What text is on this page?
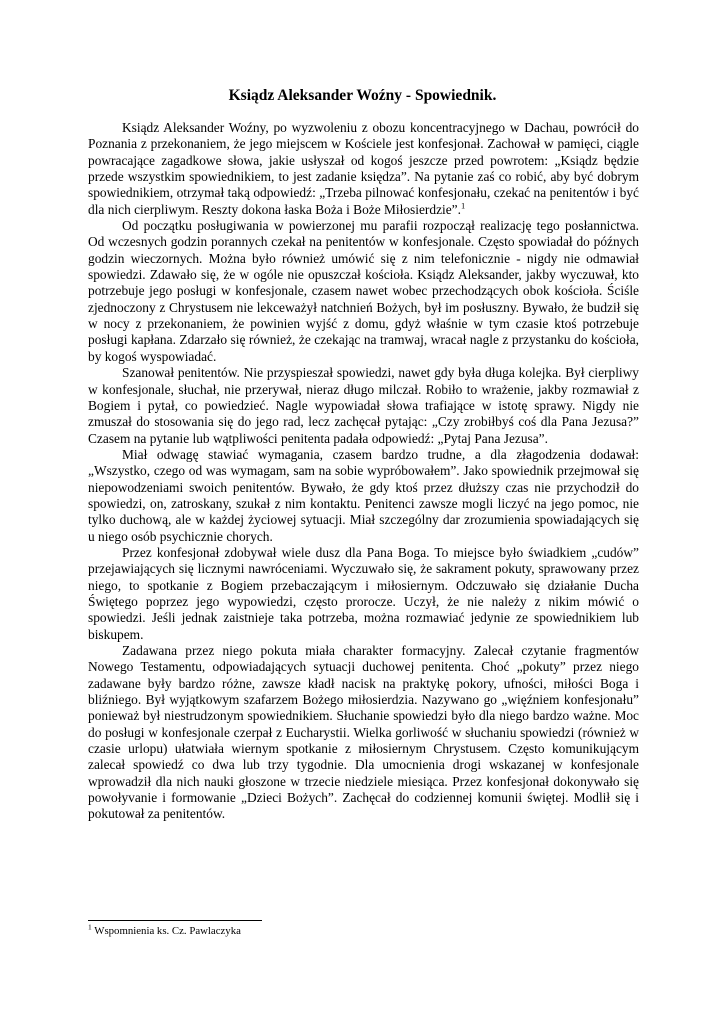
Ksiądz Aleksander Woźny - Spowiednik.

Ksiądz Aleksander Woźny, po wyzwoleniu z obozu koncentracyjnego w Dachau, powrócił do Poznania z przekonaniem, że jego miejscem w Kościele jest konfesjonał. Zachował w pamięci, ciągle powracające zagadkowe słowa, jakie usłyszał od kogoś jeszcze przed powrotem: „Ksiądz będzie przede wszystkim spowiednikiem, to jest zadanie księdza”. Na pytanie zaś co robić, aby być dobrym spowiednikiem, otrzymał taką odpowiedź: „Trzeba pilnować konfesjonału, czekać na penitentów i być dla nich cierpliwym. Reszty dokona łaska Boża i Boże Miłosierdzie”.$^1$

Od początku posługiwania w powierzonej mu parafii rozpoczął realizację tego posłannictwa. Od wczesnych godzin porannych czekał na penitentów w konfesjonale. Często spowiadał do późnych godzin wieczornych. Można było również umówić się z nim telefonicznie - nigdy nie odmawiał spowiedzi. Zdawało się, że w ogóle nie opuszczał kościoła. Ksiądz Aleksander, jakby wyczuwał, kto potrzebuje jego posługi w konfesjonale, czasem nawet wobec przechodzących obok kościoła. Ściśle zjednoczony z Chrystusem nie lekceważył natchnień Bożych, był im posłuszny. Bywało, że budził się w nocy z przekonaniem, że powinien wyjść z domu, gdyż właśnie w tym czasie ktoś potrzebuje posługi kapłana. Zdarzało się również, że czekając na tramwaj, wracał nagle z przystanku do kościoła, by kogoś wyspowiadać.

Szanował penitentów. Nie przyspieszał spowiedzi, nawet gdy była długa kolejka. Był cierpliwy w konfesjonale, słuchał, nie przerywał, nieraz długo milczał. Robiło to wrażenie, jakby rozmawiał z Bogiem i pytał, co powiedzieć. Nagle wypowiadał słowa trafiające w istotę sprawy. Nigdy nie zmuszał do stosowania się do jego rad, lecz zachęcał pytając: „Czy zrobiłbyś coś dla Pana Jezusa?” Czasem na pytanie lub wątpliwości penitenta padała odpowiedź: „Pytaj Pana Jezusa”.

Miał odwagę stawiać wymagania, czasem bardzo trudne, a dla złagodzenia dodawał: „Wszystko, czego od was wymagam, sam na sobie wypróbowałem”. Jako spowiednik przejmował się niepowodzeniami swoich penitentów. Bywało, że gdy ktoś przez dłuższy czas nie przychodził do spowiedzi, on, zatroskany, szukał z nim kontaktu. Penitenci zawsze mogli liczyć na jego pomoc, nie tylko duchową, ale w każdej życiowej sytuacji. Miał szczególny dar zrozumienia spowiadających się u niego osób psychicznie chorych.

Przez konfesjonał zdobywał wiele dusz dla Pana Boga. To miejsce było świadkiem „cudów” przejawiających się licznymi nawróceniami. Wyczuwało się, że sakrament pokuty, sprawowany przez niego, to spotkanie z Bogiem przebaczającym i miłosiernym. Odczuwało się działanie Ducha Świętego poprzez jego wypowiedzi, często prorocze. Uczył, że nie należy z nikim mówić o spowiedzi. Jeśli jednak zaistnieje taka potrzeba, można rozmawiać jedynie ze spowiednikiem lub biskupem.

Zadawana przez niego pokuta miała charakter formacyjny. Zalecał czytanie fragmentów Nowego Testamentu, odpowiadających sytuacji duchowej penitenta. Choć „pokuty” przez niego zadawane były bardzo różne, zawsze kładł nacisk na praktykę pokory, ufności, miłości Boga i bliźniego. Był wyjątkowym szafarzem Bożego miłosierdzia. Nazywano go „więźniem konfesjonału” ponieważ był niestrudzonym spowiednikiem. Słuchanie spowiedzi było dla niego bardzo ważne. Moc do posługi w konfesjonale czerpał z Eucharystii. Wielka gorliwość w słuchaniu spowiedzi (również w czasie urlopu) ułatwiała wiernym spotkanie z miłosiernym Chrystusem. Często komunikującym zalecał spowiedź co dwa lub trzy tygodnie. Dla umocnienia drogi wskazanej w konfesjonale wprowadził dla nich nauki głoszone w trzecie niedziele miesiąca. Przez konfesjonał dokonywało się powołyvanie i formowanie „Dzieci Bożych”. Zachęcał do codziennej komunii świętej. Modlił się i pokutował za penitentów.

$^1$ Wspomnienia ks. Cz. Pawlaczyka
